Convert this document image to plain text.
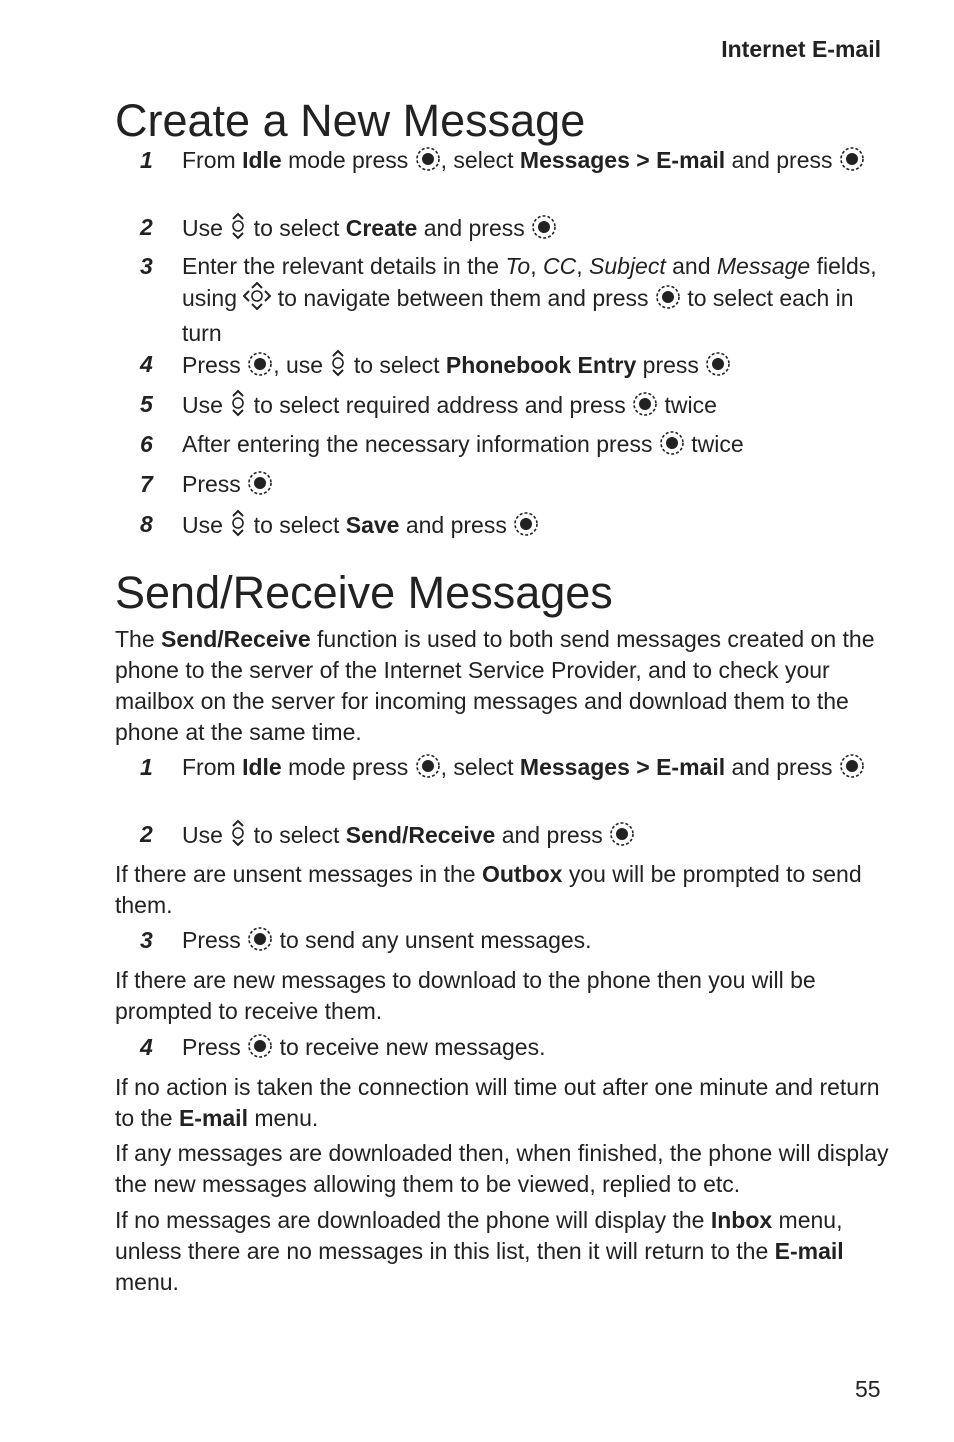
Internet E-mail
Create a New Message
1 From Idle mode press , select Messages > E-mail and press
2 Use  to select Create and press
3 Enter the relevant details in the To, CC, Subject and Message fields, using  to navigate between them and press  to select each in turn
4 Press , use  to select Phonebook Entry press
5 Use  to select required address and press  twice
6 After entering the necessary information press  twice
7 Press
8 Use  to select Save and press
Send/Receive Messages

The Send/Receive function is used to both send messages created on the phone to the server of the Internet Service Provider, and to check your mailbox on the server for incoming messages and download them to the phone at the same time.

1 From Idle mode press , select Messages > E-mail and press
2 Use  to select Send/Receive and press

If there are unsent messages in the Outbox you will be prompted to send them.

3 Press  to send any unsent messages.

If there are new messages to download to the phone then you will be prompted to receive them.

4 Press  to receive new messages.

If no action is taken the connection will time out after one minute and return to the E-mail menu.

If any messages are downloaded then, when finished, the phone will display the new messages allowing them to be viewed, replied to etc.

If no messages are downloaded the phone will display the Inbox menu, unless there are no messages in this list, then it will return to the E-mail menu.

55
